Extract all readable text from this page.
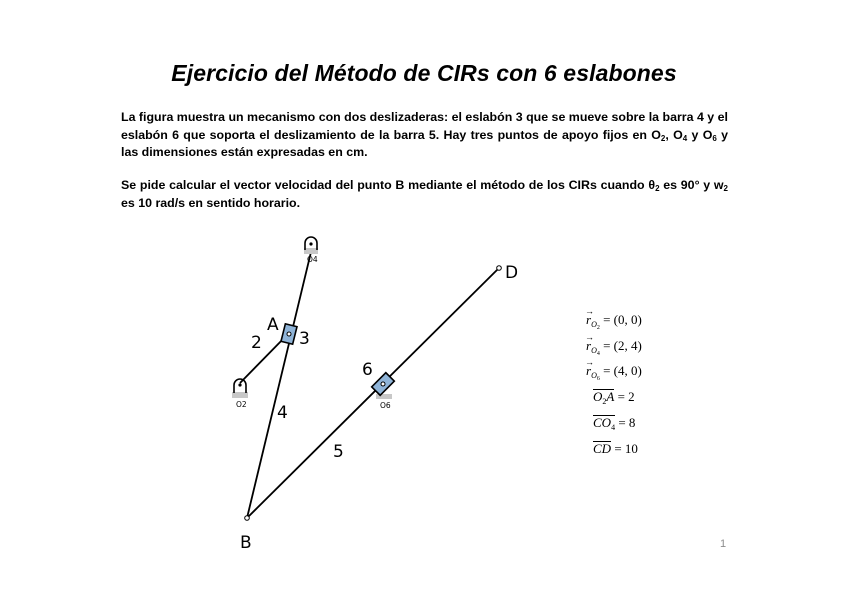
Ejercicio del Método de CIRs con 6 eslabones
La figura muestra un mecanismo con dos deslizaderas: el eslabón 3 que se mueve sobre la barra 4 y el eslabón 6 que soporta el deslizamiento de la barra 5. Hay tres puntos de apoyo fijos en $O_2$, $O_4$ y $O_6$ y las dimensiones están expresadas en cm.
Se pide calcular el vector velocidad del punto B mediante el método de los CIRs cuando $\theta_2$ es 90° y $w_2$ es 10 rad/s en sentido horario.
O4
O2	O6
A
3
2
4
6
5
D
B
→ $r_{O_2} = (0$, 0)
→ $r_{O_4} = (2$, 4)
→ $r_{O_6} = (4$, 0)
$O_2A = 2$
$CO_4 = 8$
CD = 10
1
